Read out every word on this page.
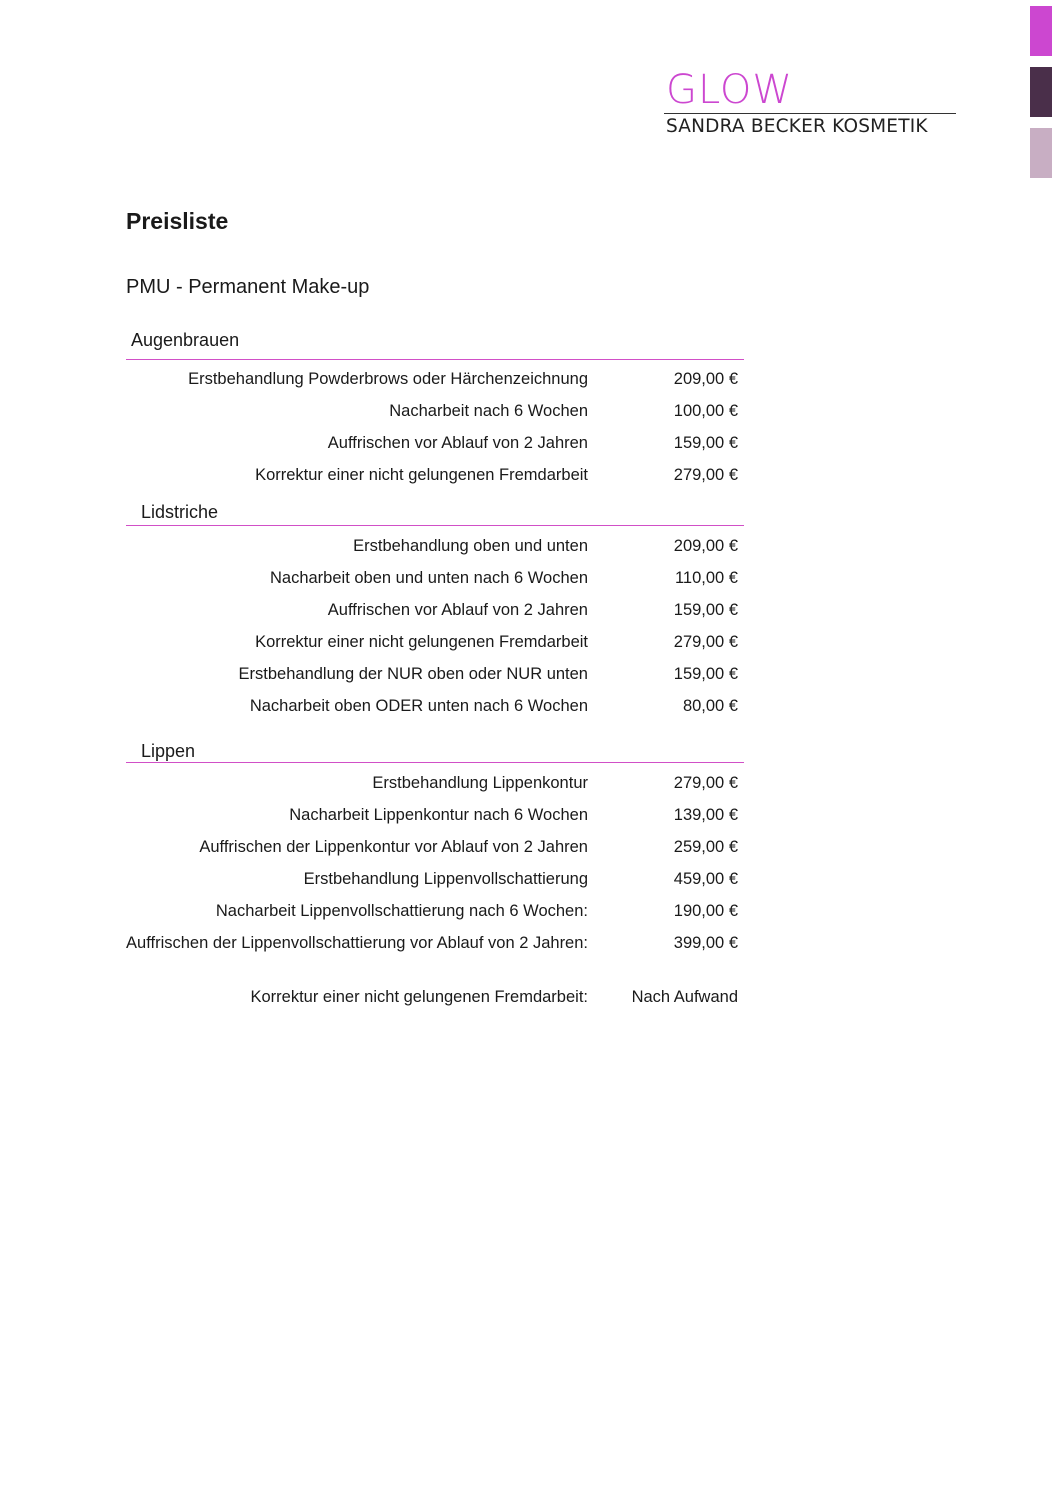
GLOW
SANDRA BECKER KOSMETIK
Preisliste
PMU - Permanent Make-up
Augenbrauen
Erstbehandlung Powderbrows oder Härchenzeichnung	209,00 €
Nacharbeit nach 6 Wochen	100,00 €
Auffrischen vor Ablauf von 2 Jahren	159,00 €
Korrektur einer nicht gelungenen Fremdarbeit	279,00 €
Lidstriche
Erstbehandlung oben und unten	209,00 €
Nacharbeit oben und unten nach 6 Wochen	110,00 €
Auffrischen vor Ablauf von 2 Jahren	159,00 €
Korrektur einer nicht gelungenen Fremdarbeit	279,00 €
Erstbehandlung der NUR oben oder NUR unten	159,00 €
Nacharbeit oben ODER unten nach 6 Wochen	80,00 €
Lippen
Erstbehandlung Lippenkontur	279,00 €
Nacharbeit Lippenkontur nach 6 Wochen	139,00 €
Auffrischen der Lippenkontur vor Ablauf von 2 Jahren	259,00 €
Erstbehandlung Lippenvollschattierung	459,00 €
Nacharbeit Lippenvollschattierung nach 6 Wochen:	190,00 €
Auffrischen der Lippenvollschattierung vor Ablauf von 2 Jahren:	399,00 €
Korrektur einer nicht gelungenen Fremdarbeit:	Nach Aufwand
